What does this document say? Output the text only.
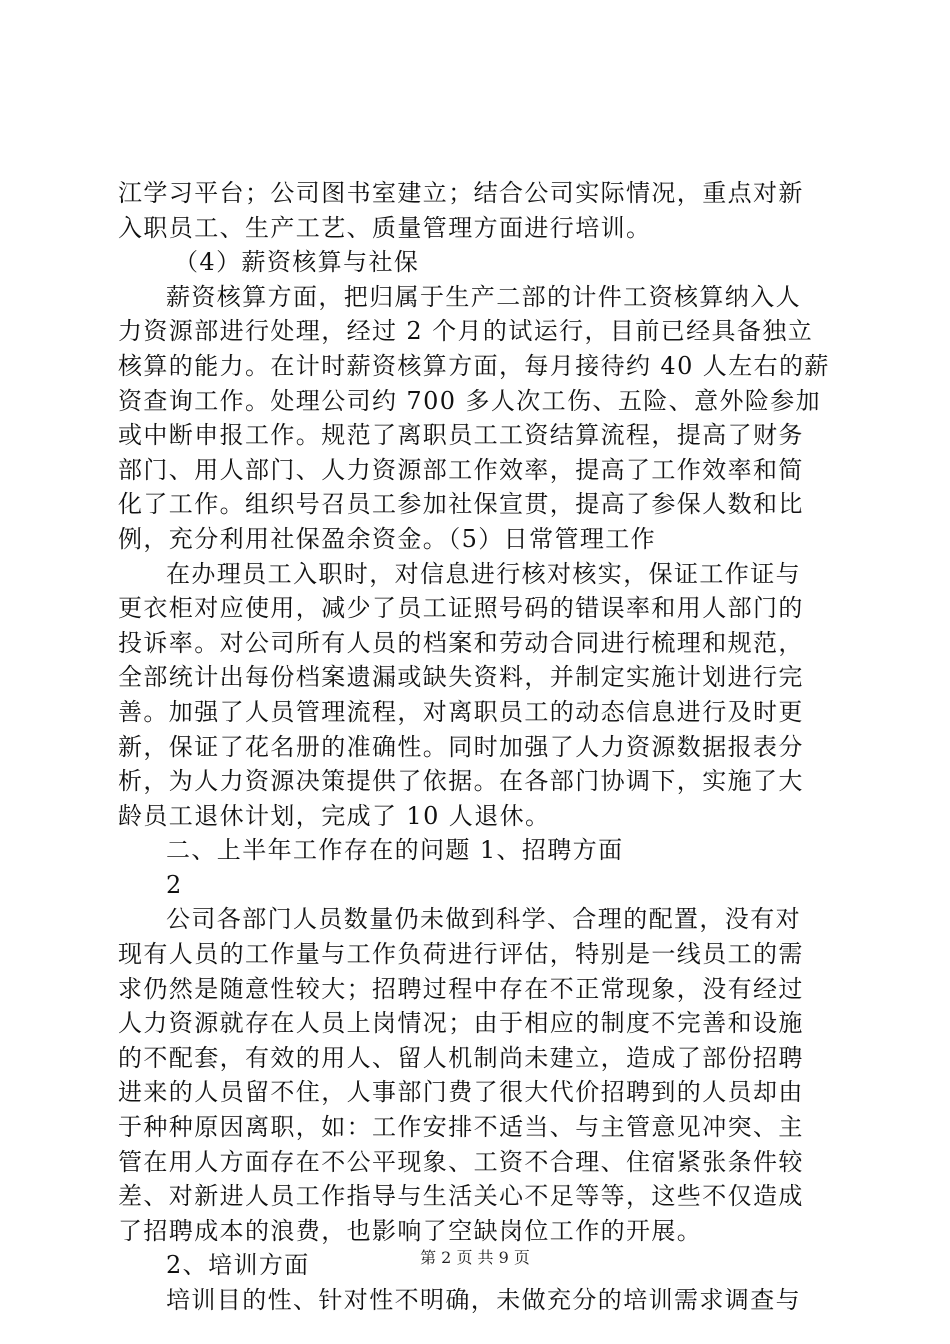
江学习平台；公司图书室建立；结合公司实际情况，重点对新
入职员工、生产工艺、质量管理方面进行培训。
（4）薪资核算与社保
薪资核算方面，把归属于生产二部的计件工资核算纳入人
力资源部进行处理，经过 2 个月的试运行，目前已经具备独立
核算的能力。在计时薪资核算方面，每月接待约 40 人左右的薪
资查询工作。处理公司约 700 多人次工伤、五险、意外险参加
或中断申报工作。规范了离职员工工资结算流程，提高了财务
部门、用人部门、人力资源部工作效率，提高了工作效率和简
化了工作。组织号召员工参加社保宣贯，提高了参保人数和比
例，充分利用社保盈余资金。（5）日常管理工作
在办理员工入职时，对信息进行核对核实，保证工作证与
更衣柜对应使用，减少了员工证照号码的错误率和用人部门的
投诉率。对公司所有人员的档案和劳动合同进行梳理和规范，
全部统计出每份档案遗漏或缺失资料，并制定实施计划进行完
善。加强了人员管理流程，对离职员工的动态信息进行及时更
新，保证了花名册的准确性。同时加强了人力资源数据报表分
析，为人力资源决策提供了依据。在各部门协调下，实施了大
龄员工退休计划，完成了 10 人退休。
二、上半年工作存在的问题 1、招聘方面
2
公司各部门人员数量仍未做到科学、合理的配置，没有对
现有人员的工作量与工作负荷进行评估，特别是一线员工的需
求仍然是随意性较大；招聘过程中存在不正常现象，没有经过
人力资源就存在人员上岗情况；由于相应的制度不完善和设施
的不配套，有效的用人、留人机制尚未建立，造成了部份招聘
进来的人员留不住，人事部门费了很大代价招聘到的人员却由
于种种原因离职，如：工作安排不适当、与主管意见冲突、主
管在用人方面存在不公平现象、工资不合理、住宿紧张条件较
差、对新进人员工作指导与生活关心不足等等，这些不仅造成
了招聘成本的浪费，也影响了空缺岗位工作的开展。
2、培训方面
培训目的性、针对性不明确，未做充分的培训需求调查与
第 2 页 共 9 页
